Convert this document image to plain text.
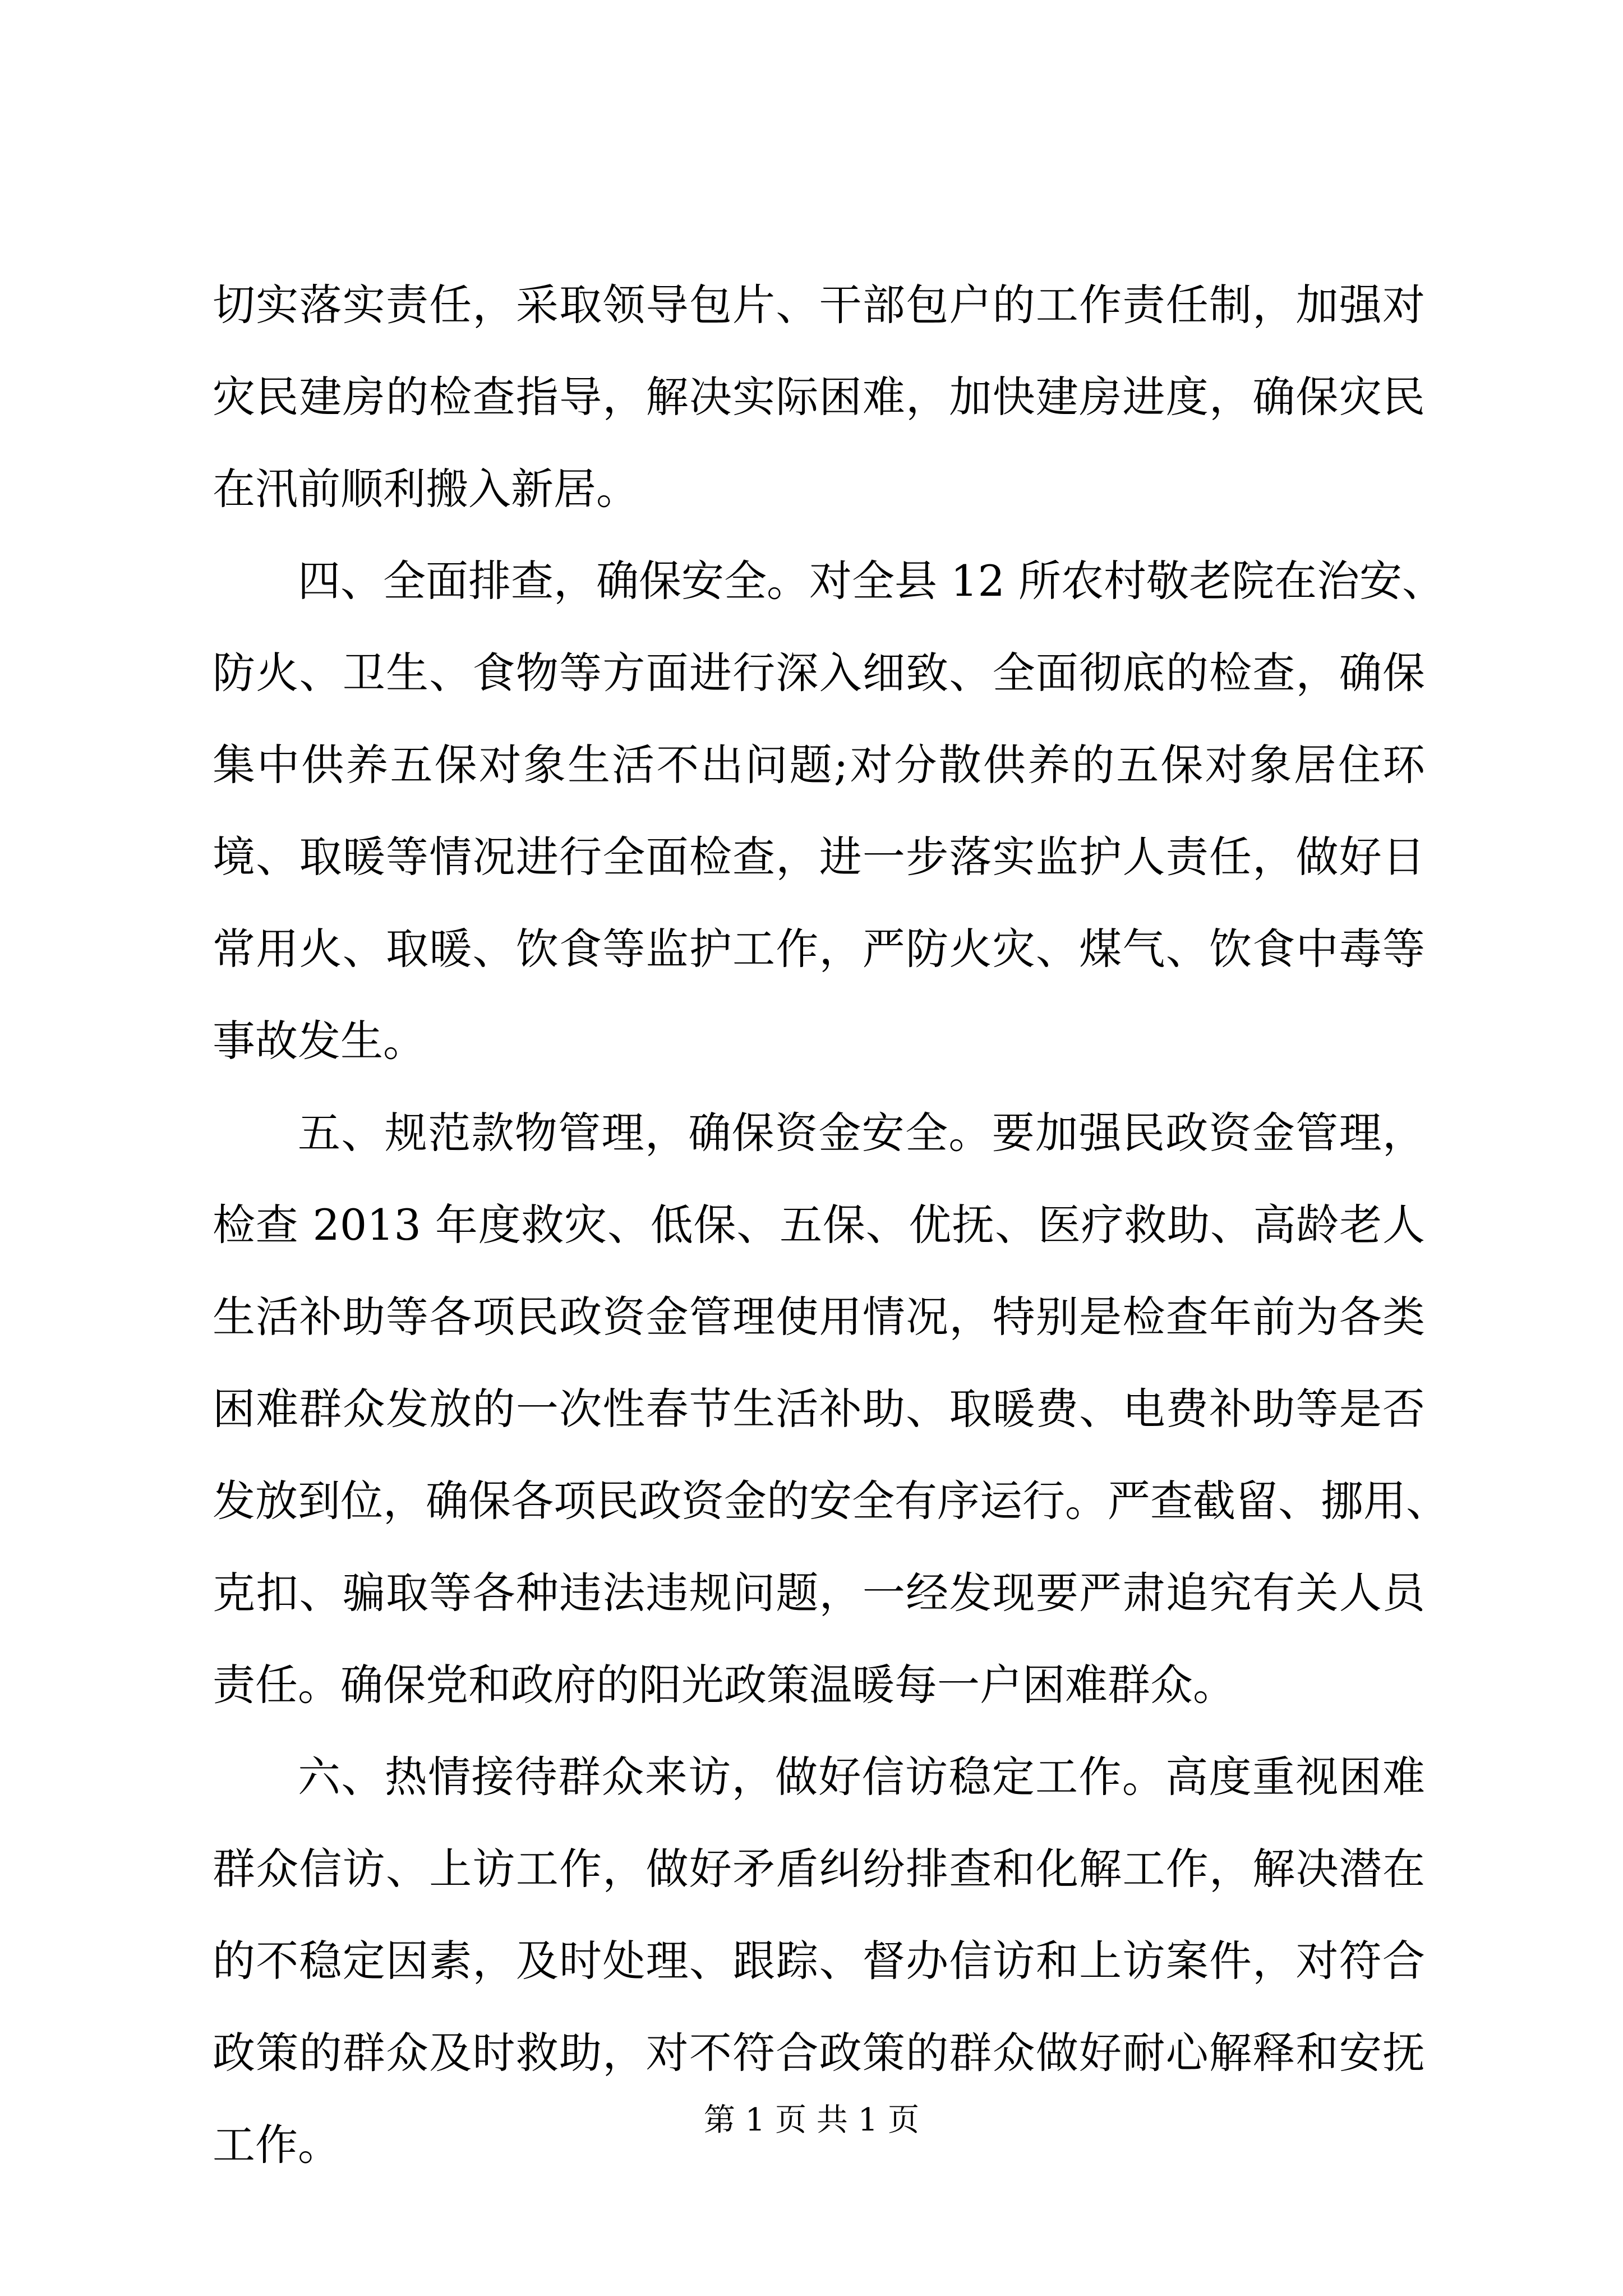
切实落实责任，采取领导包片、干部包户的工作责任制，加强对
灾民建房的检查指导，解决实际困难，加快建房进度，确保灾民
在汛前顺利搬入新居。

四、全面排查，确保安全。对全县 12 所农村敬老院在治安、
防火、卫生、食物等方面进行深入细致、全面彻底的检查，确保
集中供养五保对象生活不出问题;对分散供养的五保对象居住环
境、取暖等情况进行全面检查，进一步落实监护人责任，做好日
常用火、取暖、饮食等监护工作，严防火灾、煤气、饮食中毒等
事故发生。

五、规范款物管理，确保资金安全。要加强民政资金管理，
检查 2013 年度救灾、低保、五保、优抚、医疗救助、高龄老人
生活补助等各项民政资金管理使用情况，特别是检查年前为各类
困难群众发放的一次性春节生活补助、取暖费、电费补助等是否
发放到位，确保各项民政资金的安全有序运行。严查截留、挪用、
克扣、骗取等各种违法违规问题，一经发现要严肃追究有关人员
责任。确保党和政府的阳光政策温暖每一户困难群众。

六、热情接待群众来访，做好信访稳定工作。高度重视困难
群众信访、上访工作，做好矛盾纠纷排查和化解工作，解决潜在
的不稳定因素，及时处理、跟踪、督办信访和上访案件，对符合
政策的群众及时救助，对不符合政策的群众做好耐心解释和安抚
工作。	第 1 页 共 1 页
